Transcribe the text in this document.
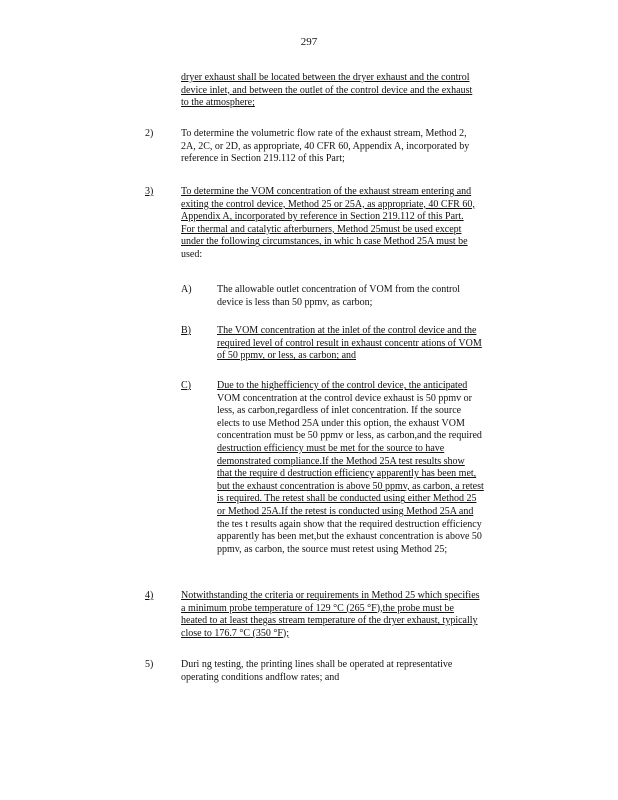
297
dryer exhaust shall be located between the dryer exhaust and the control
device inlet, and between the outlet of the control device and the exhaust
to the atmosphere;
2)	To determine the volumetric flow rate of the exhaust stream, Method 2,
2A, 2C, or 2D, as appropriate, 40 CFR 60, Appendix A, incorporated by
reference in Section 219.112 of this Part;
3)	To determine the VOM concentration of the exhaust stream entering and
exiting the control device, Method 25 or 25A, as appropriate, 40 CFR 60,
Appendix A, incorporated by reference in Section 219.112 of this Part.
For thermal and catalytic afterburners, Method 25must be used except
under the following circumstances, in whic h case Method 25A must be
used:
A)	The allowable outlet concentration of VOM from the control
device is less than 50 ppmv, as carbon;
B)	The VOM concentration at the inlet of the control device and the
required level of control result in exhaust concentr ations of VOM
of 50 ppmv, or less, as carbon; and
C)	Due to the highefficiency of the control device, the anticipated
VOM concentration at the control device exhaust is 50 ppmv or
less, as carbon,regardless of inlet concentration. If the source
elects to use Method 25A under this option, the exhaust VOM
concentration must be 50 ppmv or less, as carbon,and the required
destruction efficiency must be met for the source to have
demonstrated compliance.If the Method 25A test results show
that the require d destruction efficiency apparently has been met,
but the exhaust concentration is above 50 ppmv, as carbon, a retest
is required. The retest shall be conducted using either Method 25
or Method 25A.If the retest is conducted using Method 25A and
the tes t results again show that the required destruction efficiency
apparently has been met,but the exhaust concentration is above 50
ppmv, as carbon, the source must retest using Method 25;
4)	Notwithstanding the criteria or requirements in Method 25 which specifies
a minimum probe temperature of 129 °C (265 °F),the probe must be
heated to at least thegas stream temperature of the dryer exhaust, typically
close to 176.7 °C (350 °F);
5)	Duri ng testing, the printing lines shall be operated at representative
operating conditions andflow rates; and
